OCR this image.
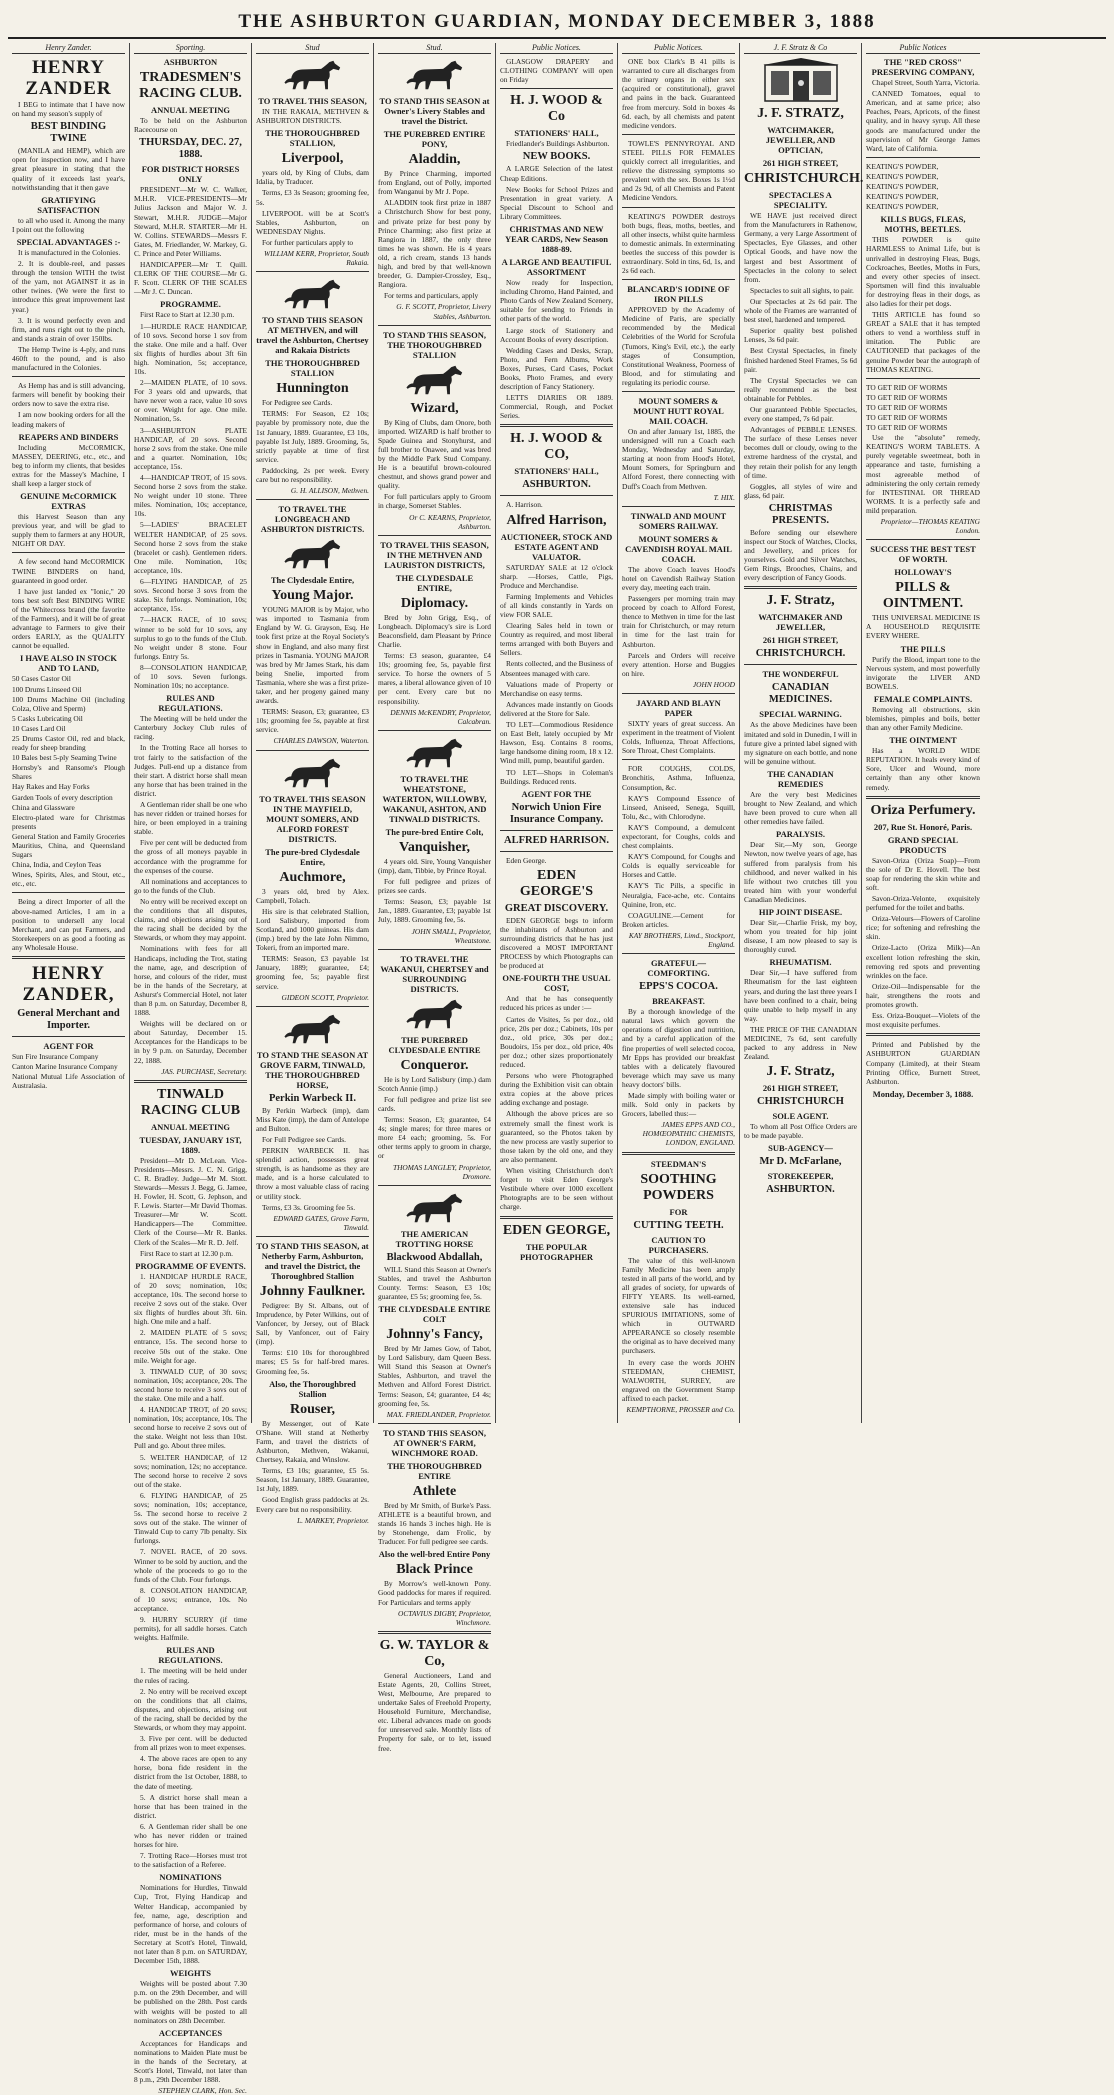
THE ASHBURTON GUARDIAN, MONDAY DECEMBER 3, 1888
Henry Zander.
HENRY ZANDER

I BEG to intimate that I have now on hand my season's supply of

BEST BINDING TWINE

(MANILA and HEMP), which are open for inspection now, and I have great pleasure in stating that the quality of it exceeds last year's, notwithstanding that it then gave

GRATIFYING SATISFACTION

to all who used it. Among the many I point out the following

SPECIAL ADVANTAGES :-

It is manufactured in the Colonies.

2. It is double-reel, and passes through the tension WITH the twist of the yarn, not AGAINST it as in other twines. (We were the first to introduce this great improvement last year.)

3. It is wound perfectly even and firm, and runs right out to the pinch, and stands a strain of over 150lbs.

The Hemp Twine is 4-ply, and runs 460ft to the pound, and is also manufactured in the Colonies.

As Hemp has and is still advancing, farmers will benefit by booking their orders now to save the extra rise.

I am now booking orders for all the leading makers of

REAPERS AND BINDERS

Including McCORMICK, MASSEY, DEERING, etc., etc., and beg to inform my clients, that besides extras for the Massey's Machine, I shall keep a larger stock of

GENUINE McCORMICK EXTRAS

this Harvest Season than any previous year, and will be glad to supply them to farmers at any HOUR, NIGHT OR DAY.

A few second hand McCORMICK TWINE BINDERS on hand, guaranteed in good order.

I have just landed ex "Ionic," 20 tons best soft Best BINDING WIRE of the Whitecross brand (the favorite of the Farmers), and it will be of great advantage to Farmers to give their orders EARLY, as the QUALITY cannot be equalled.

I HAVE ALSO IN STOCK AND TO LAND,
50 Cases Castor Oil
100 Drums Linseed Oil
100 Drums Machine Oil (including Colza, Olive and Sperm)
5 Casks Lubricating Oil
10 Cases Lard Oil
25 Drums Castor Oil, red and black, ready for sheep branding
10 Bales best 5-ply Seaming Twine
Hornsby's and Ransome's Plough Shares
Hay Rakes and Hay Forks
Garden Tools of every description
China and Glassware
Electro-plated ware for Christmas presents
General Station and Family Groceries Mauritius, China, and Queensland Sugars
China, India, and Ceylon Teas
Wines, Spirits, Ales, and Stout, etc., etc., etc.

Being a direct Importer of all the above-named Articles, I am in a position to undersell any local Merchant, and can put Farmers, and Storekeepers on as good a footing as any Wholesale House.

HENRY ZANDER,
General Merchant and Importer.
AGENT FOR
Sun Fire Insurance Company
Canton Marine Insurance Company
National Mutual Life Association of Australasia.
Sporting.
ASHBURTON
TRADESMEN'S RACING CLUB.
ANNUAL MEETING

To be held on the Ashburton Racecourse on

THURSDAY, DEC. 27, 1888.
FOR DISTRICT HORSES ONLY

PRESIDENT—Mr W. C. Walker, M.H.R. VICE-PRESIDENTS—Mr Julius Jackson and Major W. J. Stewart, M.H.R. JUDGE—Major Steward, M.H.R. STARTER—Mr H. W. Collins. STEWARDS—Messrs F. Gates, M. Friedlander, W. Markey, G. C. Prince and Peter Williams.

HANDICAPPER—Mr T. Quill. CLERK OF THE COURSE—Mr G. F. Scott. CLERK OF THE SCALES—Mr J. C. Duncan.

PROGRAMME.

First Race to Start at 12.30 p.m.

1—HURDLE RACE HANDICAP, of 10 sovs. Second horse 1 sov from the stake. One mile and a half. Over six flights of hurdles about 3ft 6in high. Nomination, 5s; acceptance, 10s.

2—MAIDEN PLATE, of 10 sovs. For 3 years old and upwards, that have never won a race, value 10 sovs or over. Weight for age. One mile. Nomination, 5s.

3—ASHBURTON PLATE HANDICAP, of 20 sovs. Second horse 2 sovs from the stake. One mile and a quarter. Nomination, 10s; acceptance, 15s.

4—HANDICAP TROT, of 15 sovs. Second horse 2 sovs from the stake. No weight under 10 stone. Three miles. Nomination, 10s; acceptance, 10s.

5—LADIES' BRACELET WELTER HANDICAP, of 25 sovs. Second horse 2 sovs from the stake (bracelet or cash). Gentlemen riders. One mile. Nomination, 10s; acceptance, 10s.

6—FLYING HANDICAP, of 25 sovs. Second horse 3 sovs from the stake. Six furlongs. Nomination, 10s; acceptance, 15s.

7—HACK RACE, of 10 sovs; winner to be sold for 10 sovs, any surplus to go to the funds of the Club. No weight under 8 stone. Four furlongs. Entry 5s.

8—CONSOLATION HANDICAP, of 10 sovs. Seven furlongs. Nomination 10s; no acceptance.

RULES AND REGULATIONS.

The Meeting will be held under the Canterbury Jockey Club rules of racing.

In the Trotting Race all horses to trot fairly to the satisfaction of the Judges. Pull-end up a distance from their start. A district horse shall mean any horse that has been trained in the district.

A Gentleman rider shall be one who has never ridden or trained horses for hire, or been employed in a training stable.

Five per cent will be deducted from the gross of all moneys payable in accordance with the programme for the expenses of the course.

All nominations and acceptances to go to the funds of the Club.

No entry will be received except on the conditions that all disputes, claims, and objections arising out of the racing shall be decided by the Stewards, or whom they may appoint.

Nominations with fees for all Handicaps, including the Trot, stating the name, age, and description of horse, and colours of the rider, must be in the hands of the Secretary, at Ashurst's Commercial Hotel, not later than 8 p.m. on Saturday, December 8, 1888.

Weights will be declared on or about Saturday, December 15. Acceptances for the Handicaps to be in by 9 p.m. on Saturday, December 22, 1888.

JAS. PURCHASE, Secretary.
TINWALD RACING CLUB
ANNUAL MEETING
TUESDAY, JANUARY 1ST, 1889.

President—Mr D. McLean. Vice-Presidents—Messrs. J. C. N. Grigg, C. R. Bradley. Judge—Mr M. Stott. Stewards—Messrs J. Begg, G. Jamee, H. Fowler, H. Scott, G. Jephson, and F. Lewis. Starter—Mr David Thomas. Treasurer—Mr W. Scott. Handicappers—The Committee. Clerk of the Course—Mr R. Banks. Clerk of the Scales—Mr R. D. Jelf.

First Race to start at 12.30 p.m.

PROGRAMME OF EVENTS.

1. HANDICAP HURDLE RACE, of 20 sovs; nomination, 10s; acceptance, 10s. The second horse to receive 2 sovs out of the stake. Over six flights of hurdles about 3ft. 6in. high. One mile and a half.

2. MAIDEN PLATE of 5 sovs; entrance, 15s. The second horse to receive 50s out of the stake. One mile. Weight for age.

3. TINWALD CUP, of 30 sovs; nomination, 10s; acceptance, 20s. The second horse to receive 3 sovs out of the stake. One mile and a half.

4. HANDICAP TROT, of 20 sovs; nomination, 10s; acceptance, 10s. The second horse to receive 2 sovs out of the stake. Weight not less than 10st. Pull and go. About three miles.

5. WELTER HANDICAP, of 12 sovs; nomination, 12s; no acceptance. The second horse to receive 2 sovs out of the stake.

6. FLYING HANDICAP, of 25 sovs; nomination, 10s; acceptance, 5s. The second horse to receive 2 sovs out of the stake. The winner of Tinwald Cup to carry 7lb penalty. Six furlongs.

7. NOVEL RACE, of 20 sovs. Winner to be sold by auction, and the whole of the proceeds to go to the funds of the Club. Four furlongs.

8. CONSOLATION HANDICAP, of 10 sovs; entrance, 10s. No acceptance.

9. HURRY SCURRY (if time permits), for all saddle horses. Catch weights. Halfmile.

RULES AND REGULATIONS.

1. The meeting will be held under the rules of racing.

2. No entry will be received except on the conditions that all claims, disputes, and objections, arising out of the racing, shall be decided by the Stewards, or whom they may appoint.

3. Five per cent. will be deducted from all prizes won to meet expenses.

4. The above races are open to any horse, bona fide resident in the district from the 1st October, 1888, to the date of meeting.

5. A district horse shall mean a horse that has been trained in the district.

6. A Gentleman rider shall be one who has never ridden or trained horses for hire.

7. Trotting Race—Horses must trot to the satisfaction of a Referee.

NOMINATIONS

Nominations for Hurdles, Tinwald Cup, Trot, Flying Handicap and Welter Handicap, accompanied by fee, name, age, description and performance of horse, and colours of rider, must be in the hands of the Secretary at Scott's Hotel, Tinwald, not later than 8 p.m. on SATURDAY, December 15th, 1888.

WEIGHTS

Weights will be posted about 7.30 p.m. on the 29th December, and will be published on the 28th. Post cards with weights will be posted to all nominators on 28th December.

ACCEPTANCES

Acceptances for Handicaps and nominations to Maiden Plate must be in the hands of the Secretary, at Scott's Hotel, Tinwald, not later than 8 p.m., 29th December 1888.

STEPHEN CLARK, Hon. Sec.
Stud
TO TRAVEL THIS SEASON,

IN THE RAKAIA, METHVEN & ASHBURTON DISTRICTS.

THE THOROUGHBRED STALLION,
Liverpool,

years old, by King of Clubs, dam Idalia, by Traducer.

Terms, £3 3s Season; grooming fee, 5s.

LIVERPOOL will be at Scott's Stables, Ashburton, on WEDNESDAY Nights.

For further particulars apply to

WILLIAM KERR, Proprietor, South Rakaia.
TO STAND THIS SEASON AT METHVEN, and will travel the Ashburton, Chertsey and Rakaia Districts
THE THOROUGHBRED STALLION
Hunnington

For Pedigree see Cards.

TERMS: For Season, £2 10s; payable by promissory note, due the 1st January, 1889. Guarantee, £3 10s, payable 1st July, 1889. Grooming, 5s, strictly payable at time of first service.

Paddocking, 2s per week. Every care but no responsibility.

G. H. ALLISON, Methven.
TO TRAVEL THE LONGBEACH AND ASHBURTON DISTRICTS.
The Clydesdale Entire,
Young Major.

YOUNG MAJOR is by Major, who was imported to Tasmania from England by W. G. Grayson, Esq. He took first prize at the Royal Society's show in England, and also many first prizes in Tasmania. YOUNG MAJOR was bred by Mr James Stark, his dam being Snelie, imported from Tasmania, where she was a first prize-taker, and her progeny gained many awards.

TERMS: Season, £3; guarantee, £3 10s; grooming fee 5s, payable at first service.

CHARLES DAWSON, Waterton.
TO TRAVEL THIS SEASON IN THE MAYFIELD, MOUNT SOMERS, AND ALFORD FOREST DISTRICTS.
The pure-bred Clydesdale Entire,
Auchmore,

3 years old, bred by Alex. Campbell, Tolach.

His sire is that celebrated Stallion, Lord Salisbury, imported from Scotland, and 1000 guineas. His dam (imp.) bred by the late John Nimmo, Tokeri, from an imported mare.

TERMS: Season, £3 payable 1st January, 1889; guarantee, £4; grooming fee, 5s; payable first service.

GIDEON SCOTT, Proprietor.
TO STAND THE SEASON AT GROVE FARM, TINWALD, THE THOROUGHBRED HORSE,
Perkin Warbeck II.

By Perkin Warbeck (imp), dam Miss Kate (imp), the dam of Antelope and Bulton.

For Full Pedigree see Cards.

PERKIN WARBECK II. has splendid action, possesses great strength, is as handsome as they are made, and is a horse calculated to throw a most valuable class of racing or utility stock.

Terms, £3 3s. Grooming fee 5s.

EDWARD GATES, Grove Farm, Tinwald.
TO STAND THIS SEASON, at Netherby Farm, Ashburton, and travel the District, the Thoroughbred Stallion
Johnny Faulkner.

Pedigree: By St. Albans, out of Imprudence, by Peter Wilkins, out of Vanfoncer, by Jersey, out of Black Sall, by Vanfoncer, out of Fairy (imp).

Terms: £10 10s for thoroughbred mares; £5 5s for half-bred mares. Grooming fee, 5s.

Also, the Thoroughbred Stallion
Rouser,

By Messenger, out of Kate O'Shane. Will stand at Netherby Farm, and travel the districts of Ashburton, Methven, Wakanui, Chertsey, Rakaia, and Winslow.

Terms, £3 10s; guarantee, £5 5s. Season, 1st January, 1889. Guarantee, 1st July, 1889.

Good English grass paddocks at 2s. Every care but no responsibility.

L. MARKEY, Proprietor.
Stud.
TO STAND THIS SEASON at Owner's Livery Stables and travel the District.
THE PUREBRED ENTIRE PONY,
Aladdin,

By Prince Charming, imported from England, out of Polly, imported from Wanganui by Mr J. Pope.

ALADDIN took first prize in 1887 a Christchurch Show for best pony, and private prize for best pony by Prince Charming; also first prize at Rangiora in 1887, the only three times he was shown. He is 4 years old, a rich cream, stands 13 hands high, and bred by that well-known breeder, G. Dampier-Crossley, Esq., Rangiora.

For terms and particulars, apply

G. F. SCOTT, Proprietor, Livery Stables, Ashburton.
TO STAND THIS SEASON, THE THOROUGHBRED STALLION
Wizard,

By King of Clubs, dam Onore, both imported. WIZARD is half brother to Spade Guinea and Stonyhurst, and full brother to Onawee, and was bred by the Middle Park Stud Company. He is a beautiful brown-coloured chestnut, and shows grand power and quality.

For full particulars apply to Groom in charge, Somerset Stables.

Or C. KEARNS, Proprietor, Ashburton.
TO TRAVEL THIS SEASON, IN THE METHVEN AND LAURISTON DISTRICTS,
THE CLYDESDALE ENTIRE,
Diplomacy.

Bred by John Grigg, Esq., of Longbeach. Diplomacy's sire is Lord Beaconsfield, dam Pleasant by Prince Charlie.

Terms: £3 season, guarantee, £4 10s; grooming fee, 5s, payable first service. To horse the owners of 5 mares, a liberal allowance given of 10 per cent. Every care but no responsibility.

DENNIS McKENDRY, Proprietor, Calcabran.
TO TRAVEL THE WHEATSTONE, WATERTON, WILLOWBY, WAKANUI, ASHTON, AND TINWALD DISTRICTS.
The pure-bred Entire Colt,
Vanquisher,

4 years old. Sire, Young Vanquisher (imp), dam, Tibbie, by Prince Royal.

For full pedigree and prizes of prizes see cards.

Terms: Season, £3; payable 1st Jan., 1889. Guarantee, £3; payable 1st July, 1889. Grooming fee, 5s.

JOHN SMALL, Proprietor, Wheatstone.
TO TRAVEL THE WAKANUI, CHERTSEY and SURROUNDING DISTRICTS.
THE PUREBRED CLYDESDALE ENTIRE
Conqueror.

He is by Lord Salisbury (imp.) dam Scotch Annie (imp.)

For full pedigree and prize list see cards.

Terms: Season, £3; guarantee, £4 4s; single mares; for three mares or more £4 each; grooming, 5s. For other terms apply to groom in charge, or

THOMAS LANGLEY, Proprietor, Dromore.
THE AMERICAN TROTTING HORSE
Blackwood Abdallah,

WILL Stand this Season at Owner's Stables, and travel the Ashburton County. Terms: Season, £3 10s; guarantee, £5 5s; grooming fee, 5s.

THE CLYDESDALE ENTIRE COLT
Johnny's Fancy,

Bred by Mr James Gow, of Tabot, by Lord Salisbury, dam Queen Bess. Will Stand this Season at Owner's Stables, Ashburton, and travel the Methven and Alford Forest District. Terms: Season, £4; guarantee, £4 4s; grooming fee, 5s.

MAX. FRIEDLANDER, Proprietor.
TO STAND THIS SEASON, AT OWNER'S FARM, WINCHMORE ROAD.
THE THOROUGHBRED ENTIRE
Athlete

Bred by Mr Smith, of Burke's Pass. ATHLETE is a beautiful brown, and stands 16 hands 3 inches high. He is by Stonehenge, dam Frolic, by Traducer. For full pedigree see cards.

Also the well-bred Entire Pony
Black Prince

By Morrow's well-known Pony. Good paddocks for mares if required. For Particulars and terms apply

OCTAVIUS DIGBY, Proprietor, Winchmore.
G. W. TAYLOR & Co,

General Auctioneers, Land and Estate Agents, 20, Collins Street, West, Melbourne, Are prepared to undertake Sales of Freehold Property, Household Furniture, Merchandise, etc. Liberal advances made on goods for unreserved sale. Monthly lists of Property for sale, or to let, issued free.

Public Notices.

GLASGOW DRAPERY and CLOTHING COMPANY will open on Friday

H. J. WOOD & Co
STATIONERS' HALL,

Friedlander's Buildings Ashburton.

NEW BOOKS.

A LARGE Selection of the latest Cheap Editions.

New Books for School Prizes and Presentation in great variety. A Special Discount to School and Library Committees.

CHRISTMAS AND NEW YEAR CARDS, New Season 1888-89.
A LARGE AND BEAUTIFUL ASSORTMENT

Now ready for Inspection, including Chromo, Hand Painted, and Photo Cards of New Zealand Scenery, suitable for sending to Friends in other parts of the world.

Large stock of Stationery and Account Books of every description.

Wedding Cases and Desks, Scrap, Photo, and Fern Albums, Work Boxes, Purses, Card Cases, Pocket Books, Photo Frames, and every description of Fancy Stationery.

LETTS DIARIES OR 1889. Commercial, Rough, and Pocket Series.

H. J. WOOD & CO,
STATIONERS' HALL,
ASHBURTON.

A. Harrison.

Alfred Harrison,
AUCTIONEER, STOCK AND ESTATE AGENT AND VALUATOR.

SATURDAY SALE at 12 o'clock sharp. —Horses, Cattle, Pigs, Produce and Merchandise.

Farming Implements and Vehicles of all kinds constantly in Yards on view FOR SALE.

Clearing Sales held in town or Country as required, and most liberal terms arranged with both Buyers and Sellers.

Rents collected, and the Business of Absentees managed with care.

Valuations made of Property or Merchandise on easy terms.

Advances made instantly on Goods delivered at the Store for Sale.

TO LET—Commodious Residence on East Belt, lately occupied by Mr Hawson, Esq. Contains 8 rooms, large handsome dining room, 18 x 12. Wind mill, pump, beautiful garden.

TO LET—Shops in Coleman's Buildings. Reduced rents.

AGENT FOR THE
Norwich Union Fire Insurance Company.
ALFRED HARRISON.

Eden George.

EDEN GEORGE'S
GREAT DISCOVERY.

EDEN GEORGE begs to inform the inhabitants of Ashburton and surrounding districts that he has just discovered a MOST IMPORTANT PROCESS by which Photographs can be produced at

ONE-FOURTH THE USUAL COST,

And that he has consequently reduced his prices as under :—

Cartes de Visites, 5s per doz., old price, 20s per doz.; Cabinets, 10s per doz., old price, 30s per doz.; Boudoirs, 15s per doz., old price, 40s per doz.; other sizes proportionately reduced.

Persons who were Photographed during the Exhibition visit can obtain extra copies at the above prices adding exchange and postage.

Although the above prices are so extremely small the finest work is guaranteed, so the Photos taken by the new process are vastly superior to those taken by the old one, and they are also permanent.

When visiting Christchurch don't forget to visit Eden George's Vestibule where over 1000 excellent Photographs are to be seen without charge.

EDEN GEORGE,
THE POPULAR PHOTOGRAPHER
Public Notices.

ONE box Clark's B 41 pills is warranted to cure all discharges from the urinary organs in either sex (acquired or constitutional), gravel and pains in the back. Guaranteed free from mercury. Sold in boxes 4s 6d. each, by all chemists and patent medicine vendors.

TOWLE'S PENNYROYAL AND STEEL PILLS FOR FEMALES quickly correct all irregularities, and relieve the distressing symptoms so prevalent with the sex. Boxes 1s 1½d and 2s 9d, of all Chemists and Patent Medicine Vendors.

KEATING'S POWDER destroys both bugs, fleas, moths, beetles, and all other insects, whilst quite harmless to domestic animals. In exterminating beetles the success of this powder is extraordinary. Sold in tins, 6d, 1s, and 2s 6d each.

BLANCARD'S IODINE OF IRON PILLS

APPROVED by the Academy of Medicine of Paris, are specially recommended by the Medical Celebrities of the World for Scrofula (Tumors, King's Evil, etc.), the early stages of Consumption, Constitutional Weakness, Poorness of Blood, and for stimulating and regulating its periodic course.

MOUNT SOMERS & MOUNT HUTT ROYAL MAIL COACH.

On and after January 1st, 1885, the undersigned will run a Coach each Monday, Wednesday and Saturday, starting at noon from Hood's Hotel, Mount Somers, for Springburn and Alford Forest, there connecting with Duff's Coach from Methven.

T. HIX.
TINWALD AND MOUNT SOMERS RAILWAY.
MOUNT SOMERS & CAVENDISH ROYAL MAIL COACH.

The above Coach leaves Hood's hotel on Cavendish Railway Station every day, meeting each train.

Passengers per morning train may proceed by coach to Alford Forest, thence to Methven in time for the last train for Christchurch, or may return in time for the last train for Ashburton.

Parcels and Orders will receive every attention. Horse and Buggies on hire.

JOHN HOOD
JAYARD AND BLAYN PAPER

SIXTY years of great success. An experiment in the treatment of Violent Colds, Influenza, Throat Affections, Sore Throat, Chest Complaints.

FOR COUGHS, COLDS, Bronchitis, Asthma, Influenza, Consumption, &c.

KAY'S Compound Essence of Linseed, Aniseed, Senega, Squill, Tolu, &c., with Chlorodyne.

KAY'S Compound, a demulcent expectorant, for Coughs, colds and chest complaints.

KAY'S Compound, for Coughs and Colds is equally serviceable for Horses and Cattle.

KAY'S Tic Pills, a specific in Neuralgia, Face-ache, etc. Contains Quinine, Iron, etc.

COAGULINE.—Cement for Broken articles.

KAY BROTHERS, Limd., Stockport, England.
GRATEFUL—COMFORTING.
EPPS'S COCOA.
BREAKFAST.

By a thorough knowledge of the natural laws which govern the operations of digestion and nutrition, and by a careful application of the fine properties of well selected cocoa, Mr Epps has provided our breakfast tables with a delicately flavoured beverage which may save us many heavy doctors' bills.

Made simply with boiling water or milk. Sold only in packets by Grocers, labelled thus:—

JAMES EPPS AND CO., HOMŒOPATHIC CHEMISTS, LONDON, ENGLAND.
STEEDMAN'S
SOOTHING POWDERS
FOR
CUTTING TEETH.
CAUTION TO PURCHASERS.

The value of this well-known Family Medicine has been amply tested in all parts of the world, and by all grades of society, for upwards of FIFTY YEARS. Its well-earned, extensive sale has induced SPURIOUS IMITATIONS, some of which in OUTWARD APPEARANCE so closely resemble the original as to have deceived many purchasers.

In every case the words JOHN STEEDMAN, CHEMIST, WALWORTH, SURREY, are engraved on the Government Stamp affixed to each packet.

KEMPTHORNE, PROSSER and Co.
J. F. Stratz & Co
J. F. STRATZ,
WATCHMAKER, JEWELLER, AND OPTICIAN,
261 HIGH STREET,
CHRISTCHURCH.
SPECTACLES A SPECIALITY.

WE HAVE just received direct from the Manufacturers in Rathenow, Germany, a very Large Assortment of Spectacles, Eye Glasses, and other Optical Goods, and have now the largest and best Assortment of Spectacles in the colony to select from.

Spectacles to suit all sights, to pair.

Our Spectacles at 2s 6d pair. The whole of the Frames are warranted of best steel, hardened and tempered.

Superior quality best polished Lenses, 3s 6d pair.

Best Crystal Spectacles, in finely finished hardened Steel Frames, 5s 6d pair.

The Crystal Spectacles we can really recommend as the best obtainable for Pebbles.

Our guaranteed Pebble Spectacles, every one stamped, 7s 6d pair.

Advantages of PEBBLE LENSES. The surface of these Lenses never becomes dull or cloudy, owing to the extreme hardness of the crystal, and they retain their polish for any length of time.

Goggles, all styles of wire and glass, 6d pair.

CHRISTMAS PRESENTS.

Before sending our elsewhere inspect our Stock of Watches, Clocks, and Jewellery, and prices for yourselves. Gold and Silver Watches, Gem Rings, Brooches, Chains, and every description of Fancy Goods.

J. F. Stratz,
WATCHMAKER AND JEWELLER,
261 HIGH STREET,
CHRISTCHURCH.
THE WONDERFUL
CANADIAN MEDICINES.
SPECIAL WARNING.

As the above Medicines have been imitated and sold in Dunedin, I will in future give a printed label signed with my signature on each bottle, and none will be genuine without.

THE CANADIAN REMEDIES

Are the very best Medicines brought to New Zealand, and which have been proved to cure when all other remedies have failed.

PARALYSIS.

Dear Sir,—My son, George Newton, now twelve years of age, has suffered from paralysis from his childhood, and never walked in his life without two crutches till you treated him with your wonderful Canadian Medicines.

HIP JOINT DISEASE.

Dear Sir,—Charlie Frisk, my boy, whom you treated for hip joint disease, I am now pleased to say is thoroughly cured.

RHEUMATISM.

Dear Sir,—I have suffered from Rheumatism for the last eighteen years, and during the last three years I have been confined to a chair, being quite unable to help myself in any way.

THE PRICE OF THE CANADIAN MEDICINE, 7s 6d, sent carefully packed to any address in New Zealand.

J. F. Stratz,
261 HIGH STREET,
CHRISTCHURCH
SOLE AGENT.

To whom all Post Office Orders are to be made payable.

SUB-AGENCY—
Mr D. McFarlane,
STOREKEEPER,
ASHBURTON.
Public Notices
THE "RED CROSS" PRESERVING COMPANY,

Chapel Street, South Yarra, Victoria.

CANNED Tomatoes, equal to American, and at same price; also Peaches, Pears, Apricots, of the finest quality, and in heavy syrup. All these goods are manufactured under the supervision of Mr George James Ward, late of California.

KEATING'S POWDER,
KEATING'S POWDER,
KEATING'S POWDER,
KEATING'S POWDER,
KEATING'S POWDER,
KILLS BUGS, FLEAS, MOTHS, BEETLES.

THIS POWDER is quite HARMLESS to Animal Life, but is unrivalled in destroying Fleas, Bugs, Cockroaches, Beetles, Moths in Furs, and every other species of insect. Sportsmen will find this invaluable for destroying fleas in their dogs, as also ladies for their pet dogs.

THIS ARTICLE has found so GREAT a SALE that it has tempted others to vend a worthless stuff in imitation. The Public are CAUTIONED that packages of the genuine Powder bear the autograph of THOMAS KEATING.

TO GET RID OF WORMS
TO GET RID OF WORMS
TO GET RID OF WORMS
TO GET RID OF WORMS
TO GET RID OF WORMS

Use the "absolute" remedy, KEATING'S WORM TABLETS. A purely vegetable sweetmeat, both in appearance and taste, furnishing a most agreeable method of administering the only certain remedy for INTESTINAL OR THREAD WORMS. It is a perfectly safe and mild preparation.

Proprietor—THOMAS KEATING London.
SUCCESS THE BEST TEST OF WORTH.
HOLLOWAY'S
PILLS & OINTMENT.

THIS UNIVERSAL MEDICINE IS A HOUSEHOLD REQUISITE EVERY WHERE.

THE PILLS

Purify the Blood, impart tone to the Nervous system, and most powerfully invigorate the LIVER AND BOWELS.

FEMALE COMPLAINTS.

Removing all obstructions, skin blemishes, pimples and boils, better than any other Family Medicine.

THE OINTMENT

Has a WORLD WIDE REPUTATION. It heals every kind of Sore, Ulcer and Wound, more certainly than any other known remedy.

Oriza Perfumery.
207, Rue St. Honoré, Paris.
GRAND SPECIAL PRODUCTS

Savon-Oriza (Oriza Soap)—From the sole of Dr E. Hovell. The best soap for rendering the skin white and soft.

Savon-Oriza-Velonte, exquisitely perfumed for the toilet and baths.

Oriza-Velours—Flowers of Caroline rice; for softening and refreshing the skin.

Orize-Lacto (Oriza Milk)—An excellent lotion refreshing the skin, removing red spots and preventing wrinkles on the face.

Orize-Oil—Indispensable for the hair, strengthens the roots and promotes growth.

Ess. Oriza-Bouquet—Violets of the most exquisite perfumes.

Printed and Published by the ASHBURTON GUARDIAN Company (Limited), at their Steam Printing Office, Burnett Street, Ashburton.

Monday, December 3, 1888.
